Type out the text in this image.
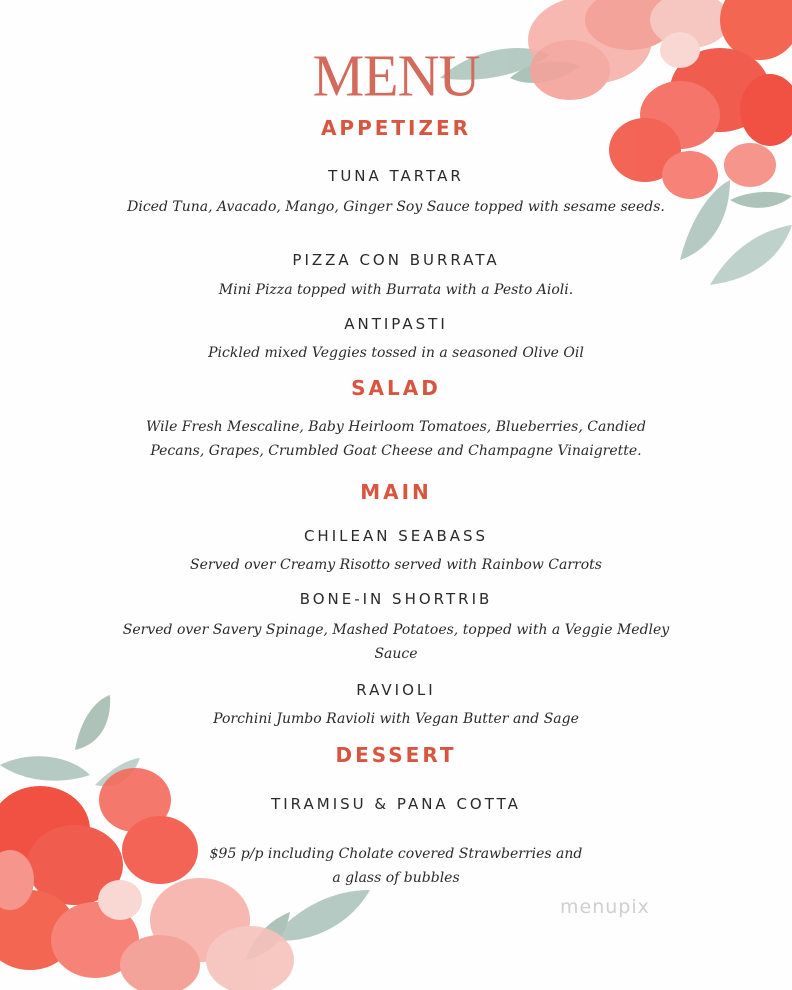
MENU
APPETIZER
TUNA TARTAR
Diced Tuna, Avacado, Mango, Ginger Soy Sauce topped with sesame seeds.
PIZZA CON BURRATA
Mini Pizza topped with Burrata with a Pesto Aioli.
ANTIPASTI
Pickled mixed Veggies tossed in a seasoned Olive Oil
SALAD
Wile Fresh Mescaline, Baby Heirloom Tomatoes, Blueberries, Candied Pecans, Grapes, Crumbled Goat Cheese and Champagne Vinaigrette.
MAIN
CHILEAN SEABASS
Served over Creamy Risotto served with Rainbow Carrots
BONE-IN SHORTRIB
Served over Savery Spinage, Mashed Potatoes, topped with a Veggie Medley Sauce
RAVIOLI
Porchini Jumbo Ravioli with Vegan Butter and Sage
DESSERT
TIRAMISU & PANA COTTA
$95 p/p including Cholate covered Strawberries and a glass of bubbles
menupix
